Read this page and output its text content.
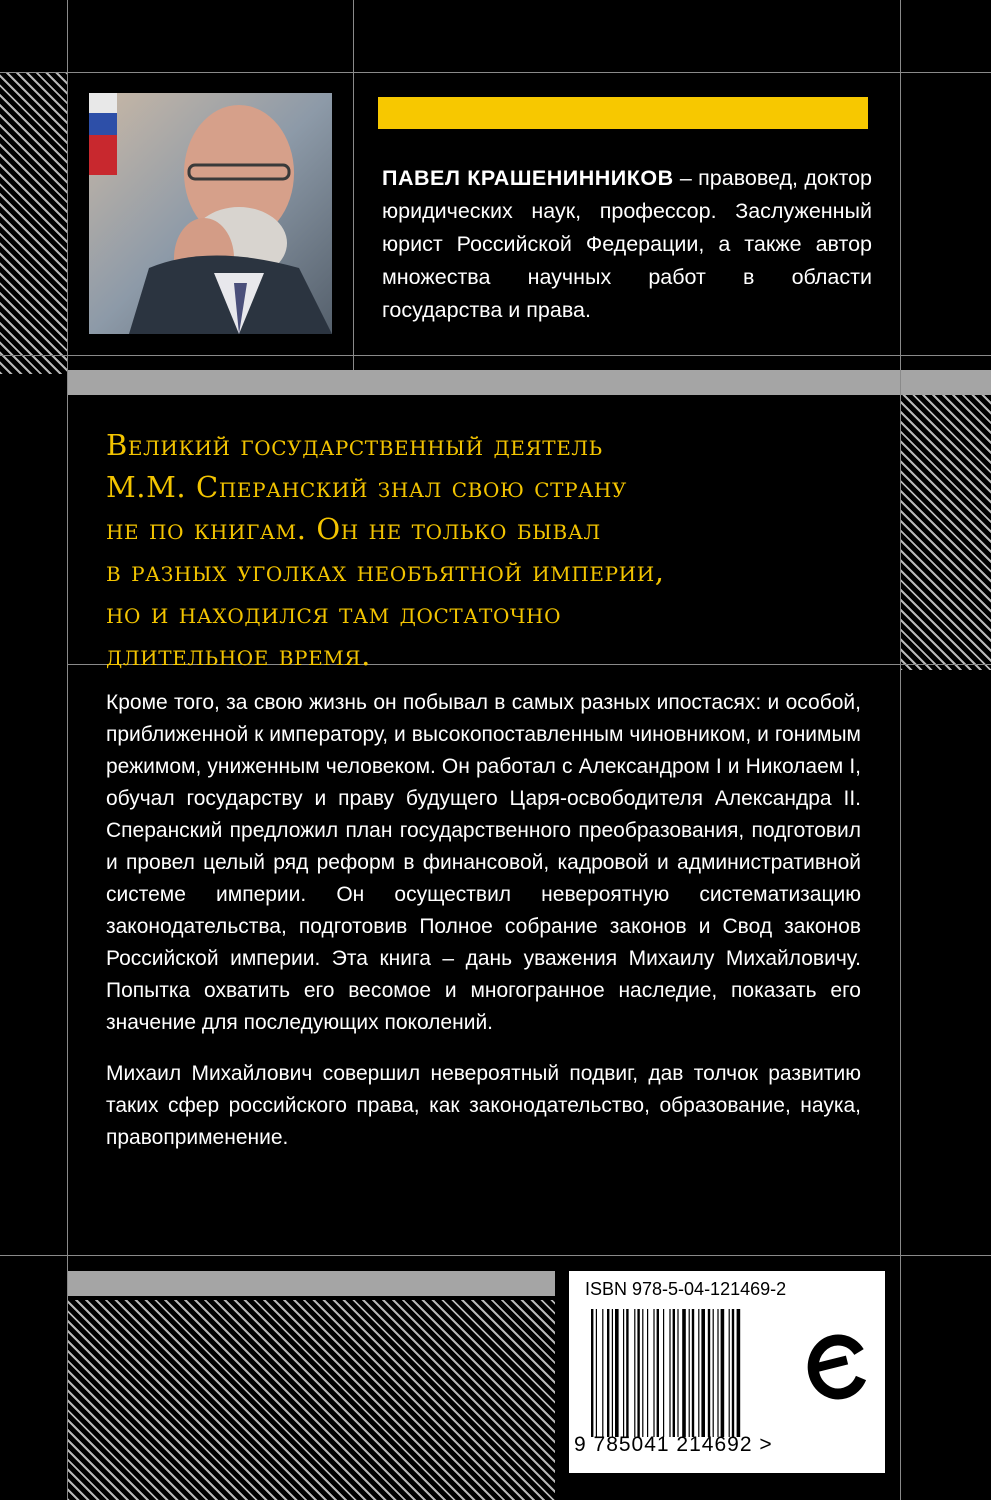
ПАВЕЛ КРАШЕНИННИКОВ – правовед, доктор юридических наук, профессор. Заслуженный юрист Российской Федерации, а также автор множества научных работ в области государства и права.
Великий государственный деятель
М.М. Сперанский знал свою страну
не по книгам. Он не только бывал
в разных уголках необъятной империи,
но и находился там достаточно
длительное время.

Кроме того, за свою жизнь он побывал в самых разных ипостасях: и особой, приближенной к императору, и высокопоставленным чиновником, и гонимым режимом, униженным человеком. Он работал с Александром I и Николаем I, обучал государству и праву будущего Царя-освободителя Александра II. Сперанский предложил план государственного преобразования, подготовил и провел целый ряд реформ в финансовой, кадровой и административной системе империи. Он осуществил невероятную систематизацию законодательства, подготовив Полное собрание законов и Свод законов Российской империи. Эта книга – дань уважения Михаилу Михайловичу. Попытка охватить его весомое и многогранное наследие, показать его значение для последующих поколений.

Михаил Михайлович совершил невероятный подвиг, дав толчок развитию таких сфер российского права, как законодательство, образование, наука, правоприменение.

ISBN 978-5-04-121469-2
9 785041 214692 >
